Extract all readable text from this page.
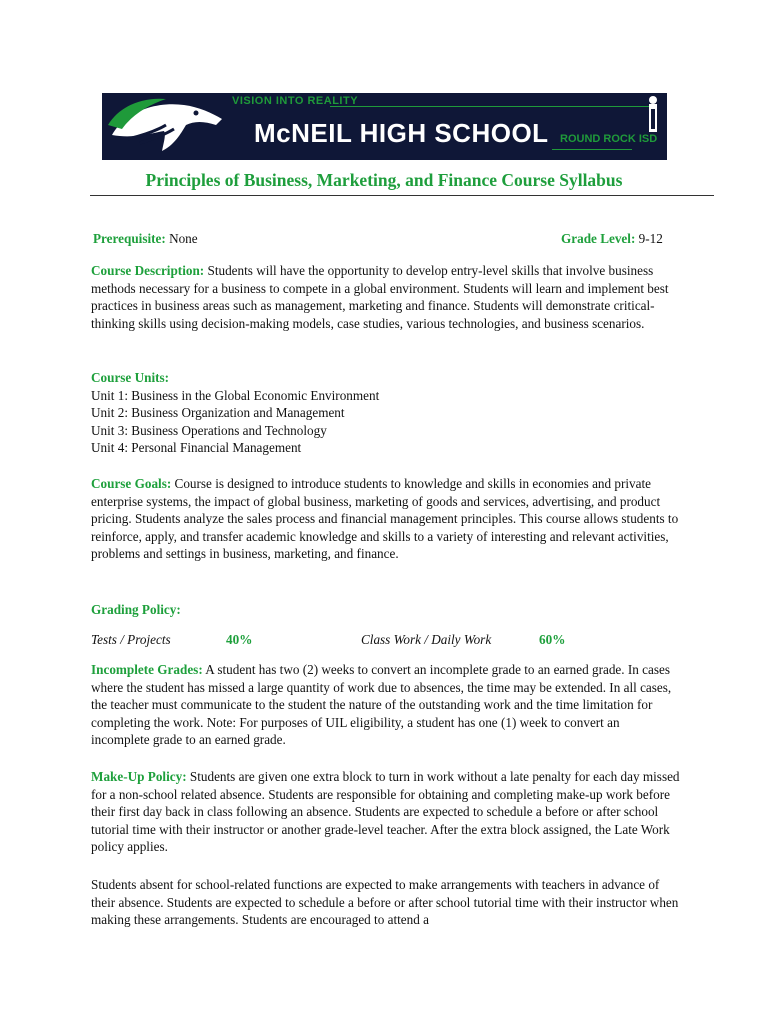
VISION INTO REALITY
McNEIL HIGH SCHOOL ROUND ROCK ISD
Principles of Business, Marketing, and Finance Course Syllabus
Prerequisite: None	Grade Level: 9-12
Course Description: Students will have the opportunity to develop entry-level skills that involve business methods necessary for a business to compete in a global environment. Students will learn and implement best practices in business areas such as management, marketing and finance. Students will demonstrate critical-thinking skills using decision-making models, case studies, various technologies, and business scenarios.
Course Units:
Unit 1: Business in the Global Economic Environment
Unit 2: Business Organization and Management
Unit 3: Business Operations and Technology
Unit 4: Personal Financial Management
Course Goals: Course is designed to introduce students to knowledge and skills in economies and private enterprise systems, the impact of global business, marketing of goods and services, advertising, and product pricing. Students analyze the sales process and financial management principles. This course allows students to reinforce, apply, and transfer academic knowledge and skills to a variety of interesting and relevant activities, problems and settings in business, marketing, and finance.
Grading Policy:
Tests / Projects	40%	Class Work / Daily Work	60%
Incomplete Grades: A student has two (2) weeks to convert an incomplete grade to an earned grade. In cases where the student has missed a large quantity of work due to absences, the time may be extended. In all cases, the teacher must communicate to the student the nature of the outstanding work and the time limitation for completing the work. Note: For purposes of UIL eligibility, a student has one (1) week to convert an incomplete grade to an earned grade.
Make-Up Policy: Students are given one extra block to turn in work without a late penalty for each day missed for a non-school related absence. Students are responsible for obtaining and completing make-up work before their first day back in class following an absence. Students are expected to schedule a before or after school tutorial time with their instructor or another grade-level teacher. After the extra block assigned, the Late Work policy applies.
Students absent for school-related functions are expected to make arrangements with teachers in advance of their absence. Students are expected to schedule a before or after school tutorial time with their instructor when making these arrangements. Students are encouraged to attend a
